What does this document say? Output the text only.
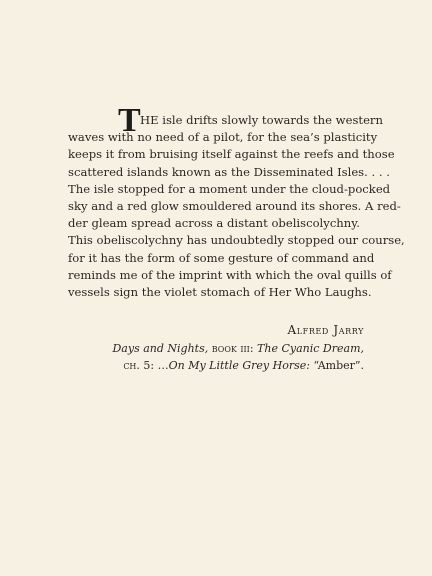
T HE isle drifts slowly towards the western
waves with no need of a pilot, for the sea’s plasticity
keeps it from bruising itself against the reefs and those
scattered islands known as the Disseminated Isles. . . .
The isle stopped for a moment under the cloud-pocked
sky and a red glow smouldered around its shores. A red-
der gleam spread across a distant obeliscolychny.
This obeliscolychny has undoubtedly stopped our course,
for it has the form of some gesture of command and
reminds me of the imprint with which the oval quills of
vessels sign the violet stomach of Her Who Laughs.
Alfred Jarry
Days and Nights, book iii: The Cyanic Dream,
ch. 5: …On My Little Grey Horse: “Amber”.
